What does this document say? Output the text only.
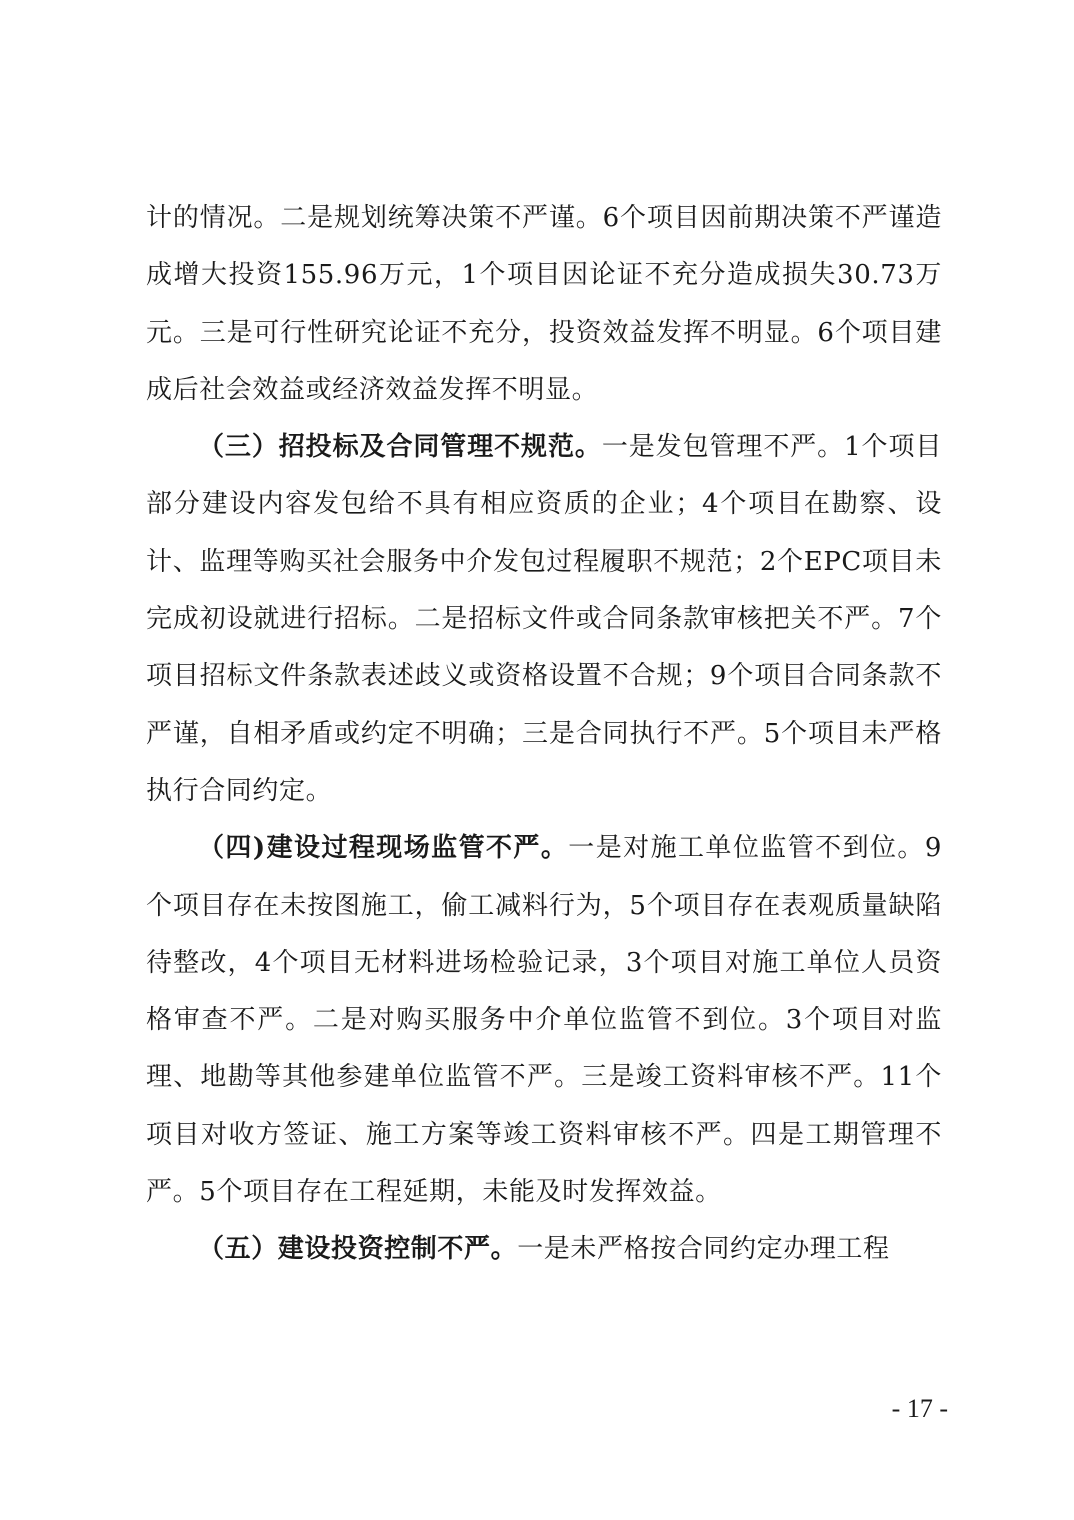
计的情况。二是规划统筹决策不严谨。6个项目因前期决策不严谨造成增大投资155.96万元，1个项目因论证不充分造成损失30.73万元。三是可行性研究论证不充分，投资效益发挥不明显。6个项目建成后社会效益或经济效益发挥不明显。

（三）招投标及合同管理不规范。一是发包管理不严。1个项目部分建设内容发包给不具有相应资质的企业；4个项目在勘察、设计、监理等购买社会服务中介发包过程履职不规范；2个EPC项目未完成初设就进行招标。二是招标文件或合同条款审核把关不严。7个项目招标文件条款表述歧义或资格设置不合规；9个项目合同条款不严谨，自相矛盾或约定不明确；三是合同执行不严。5个项目未严格执行合同约定。

（四)建设过程现场监管不严。一是对施工单位监管不到位。9个项目存在未按图施工，偷工减料行为，5个项目存在表观质量缺陷待整改，4个项目无材料进场检验记录，3个项目对施工单位人员资格审查不严。二是对购买服务中介单位监管不到位。3个项目对监理、地勘等其他参建单位监管不严。三是竣工资料审核不严。11个项目对收方签证、施工方案等竣工资料审核不严。四是工期管理不严。5个项目存在工程延期，未能及时发挥效益。

（五）建设投资控制不严。一是未严格按合同约定办理工程

- 17 -
